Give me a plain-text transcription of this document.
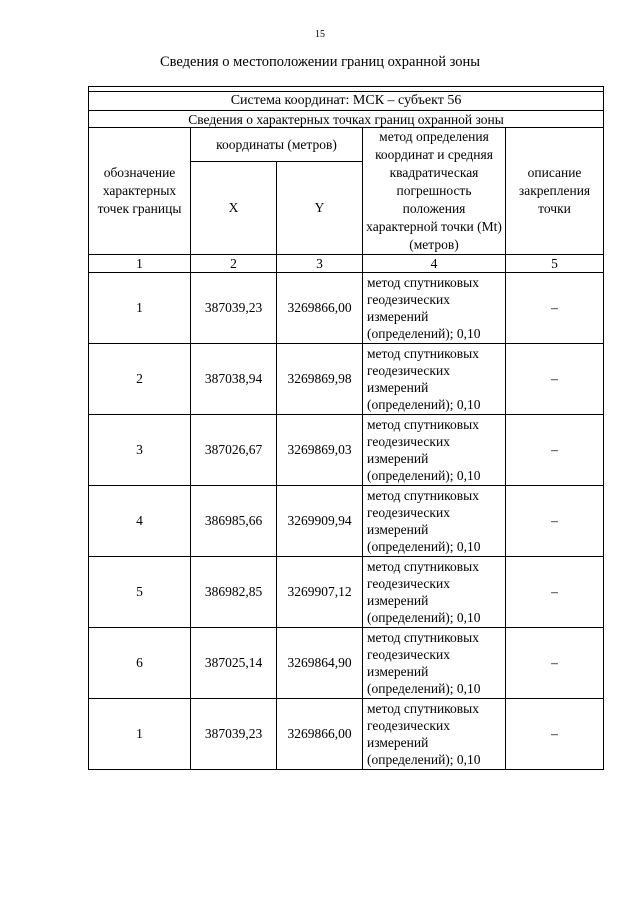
15
Сведения о местоположении границ охранной зоны

Система координат: МСК – субъект 56				
Сведения о характерных точках границ охранной зоны				
обозначение характерных точек границы	координаты (метров)		метод определения координат и средняя квадратическая погрешность положения характерной точки (Mt) (метров)	описание закрепления точки
	X	Y		
1	2	3	4	5
1	387039,23	3269866,00	метод спутниковых геодезических измерений (определений); 0,10	–
2	387038,94	3269869,98	метод спутниковых геодезических измерений (определений); 0,10	–
3	387026,67	3269869,03	метод спутниковых геодезических измерений (определений); 0,10	–
4	386985,66	3269909,94	метод спутниковых геодезических измерений (определений); 0,10	–
5	386982,85	3269907,12	метод спутниковых геодезических измерений (определений); 0,10	–
6	387025,14	3269864,90	метод спутниковых геодезических измерений (определений); 0,10	–
1	387039,23	3269866,00	метод спутниковых геодезических измерений (определений); 0,10	–
